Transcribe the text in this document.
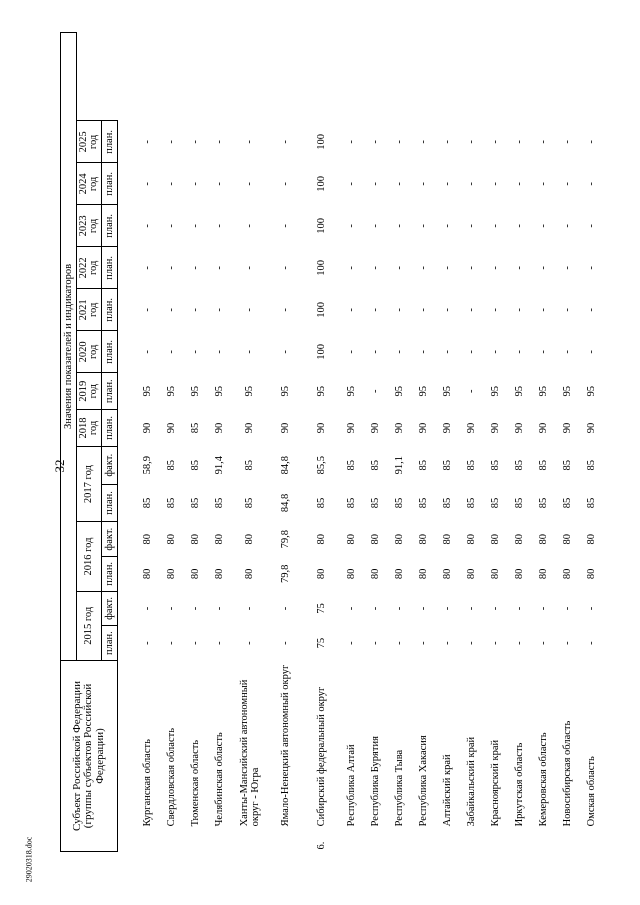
32
29020318.doc
Субъект Российской Федерации (группы субъектов Российской Федерации)		Значения показателей и индикаторов															
		2015 год		2016 год		2017 год		2018 год	2019 год	2020 год	2021 год	2022 год	2023 год	2024 год	2025 год		
		план.	факт.	план.	факт.	план.	факт.	план.	план.	план.	план.	план.	план.	план.	план.		

	Курганская область	-	-	80	80	85	58,9	90	95	-	-	-	-	-	-		
	Свердловская область	-	-	80	80	85	85	90	95	-	-	-	-	-	-		
	Тюменская область	-	-	80	80	85	85	85	95	-	-	-	-	-	-		
	Челябинская область	-	-	80	80	85	91,4	90	95	-	-	-	-	-	-		
	Ханты-Мансийский автономный округ - Югра	-	-	80	80	85	85	90	95	-	-	-	-	-	-		
	Ямало-Ненецкий автономный округ	-	-	79,8	79,8	84,8	84,8	90	95	-	-	-	-	-	-		
6.	Сибирский федеральный округ	75	75	80	80	85	85,5	90	95	100	100	100	100	100	100		
	Республика Алтай	-	-	80	80	85	85	90	95	-	-	-	-	-	-		
	Республика Бурятия	-	-	80	80	85	85	90	-	-	-	-	-	-	-		
	Республика Тыва	-	-	80	80	85	91,1	90	95	-	-	-	-	-	-		
	Республика Хакасия	-	-	80	80	85	85	90	95	-	-	-	-	-	-		
	Алтайский край	-	-	80	80	85	85	90	95	-	-	-	-	-	-		
	Забайкальский край	-	-	80	80	85	85	90	-	-	-	-	-	-	-		
	Красноярский край	-	-	80	80	85	85	90	95	-	-	-	-	-	-		
	Иркутская область	-	-	80	80	85	85	90	95	-	-	-	-	-	-		
	Кемеровская область	-	-	80	80	85	85	90	95	-	-	-	-	-	-		
	Новосибирская область	-	-	80	80	85	85	90	95	-	-	-	-	-	-		
	Омская область	-	-	80	80	85	85	90	95	-	-	-	-	-	-		
